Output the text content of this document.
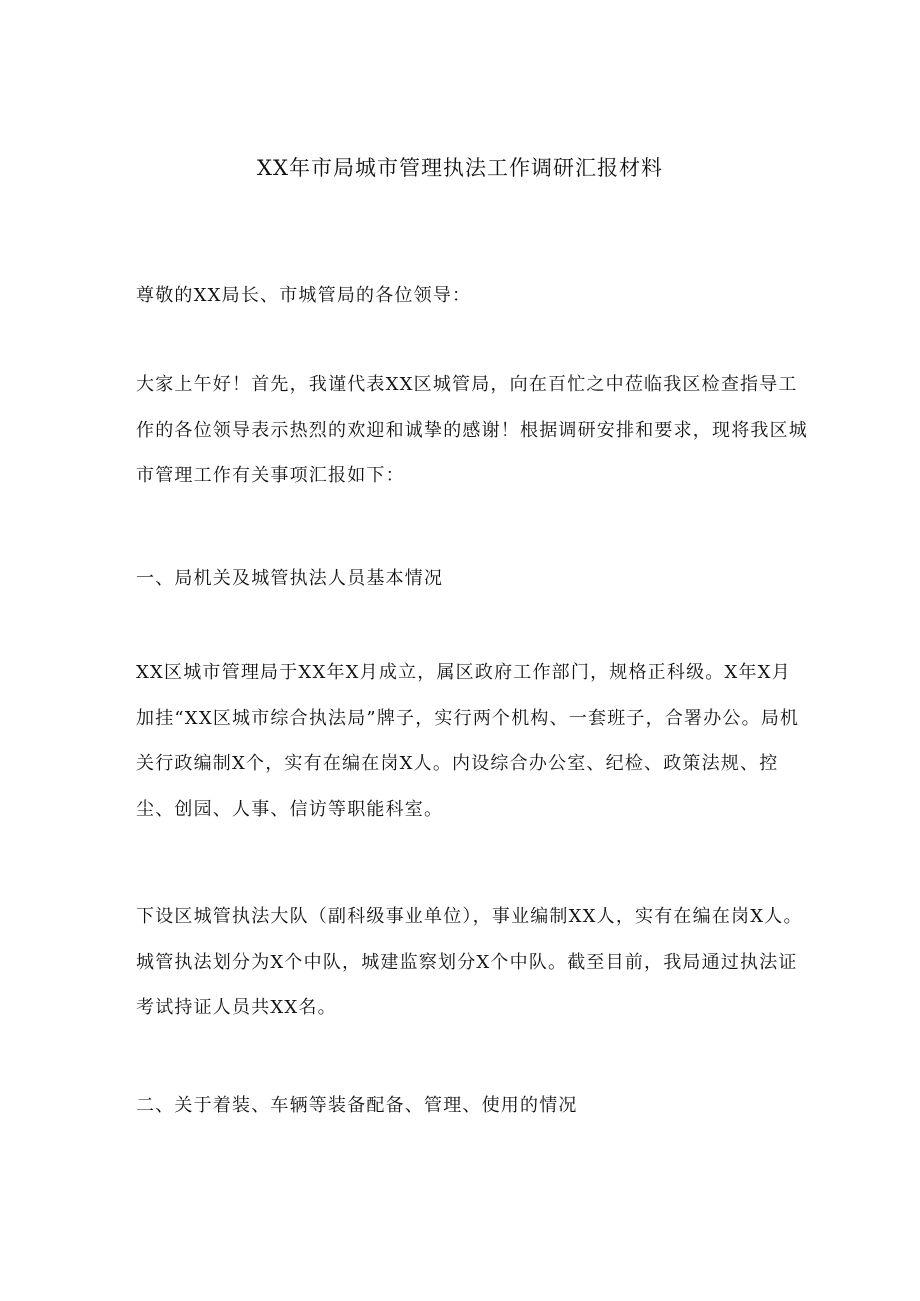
XX年市局城市管理执法工作调研汇报材料

尊敬的XX局长、市城管局的各位领导：

大家上午好！首先，我谨代表XX区城管局，向在百忙之中莅临我区检查指导工作的各位领导表示热烈的欢迎和诚挚的感谢！根据调研安排和要求，现将我区城市管理工作有关事项汇报如下：

一、局机关及城管执法人员基本情况

XX区城市管理局于XX年X月成立，属区政府工作部门，规格正科级。X年X月加挂“XX区城市综合执法局”牌子，实行两个机构、一套班子，合署办公。局机关行政编制X个，实有在编在岗X人。内设综合办公室、纪检、政策法规、控尘、创园、人事、信访等职能科室。

下设区城管执法大队（副科级事业单位），事业编制XX人，实有在编在岗X人。城管执法划分为X个中队，城建监察划分X个中队。截至目前，我局通过执法证考试持证人员共XX名。

二、关于着装、车辆等装备配备、管理、使用的情况
